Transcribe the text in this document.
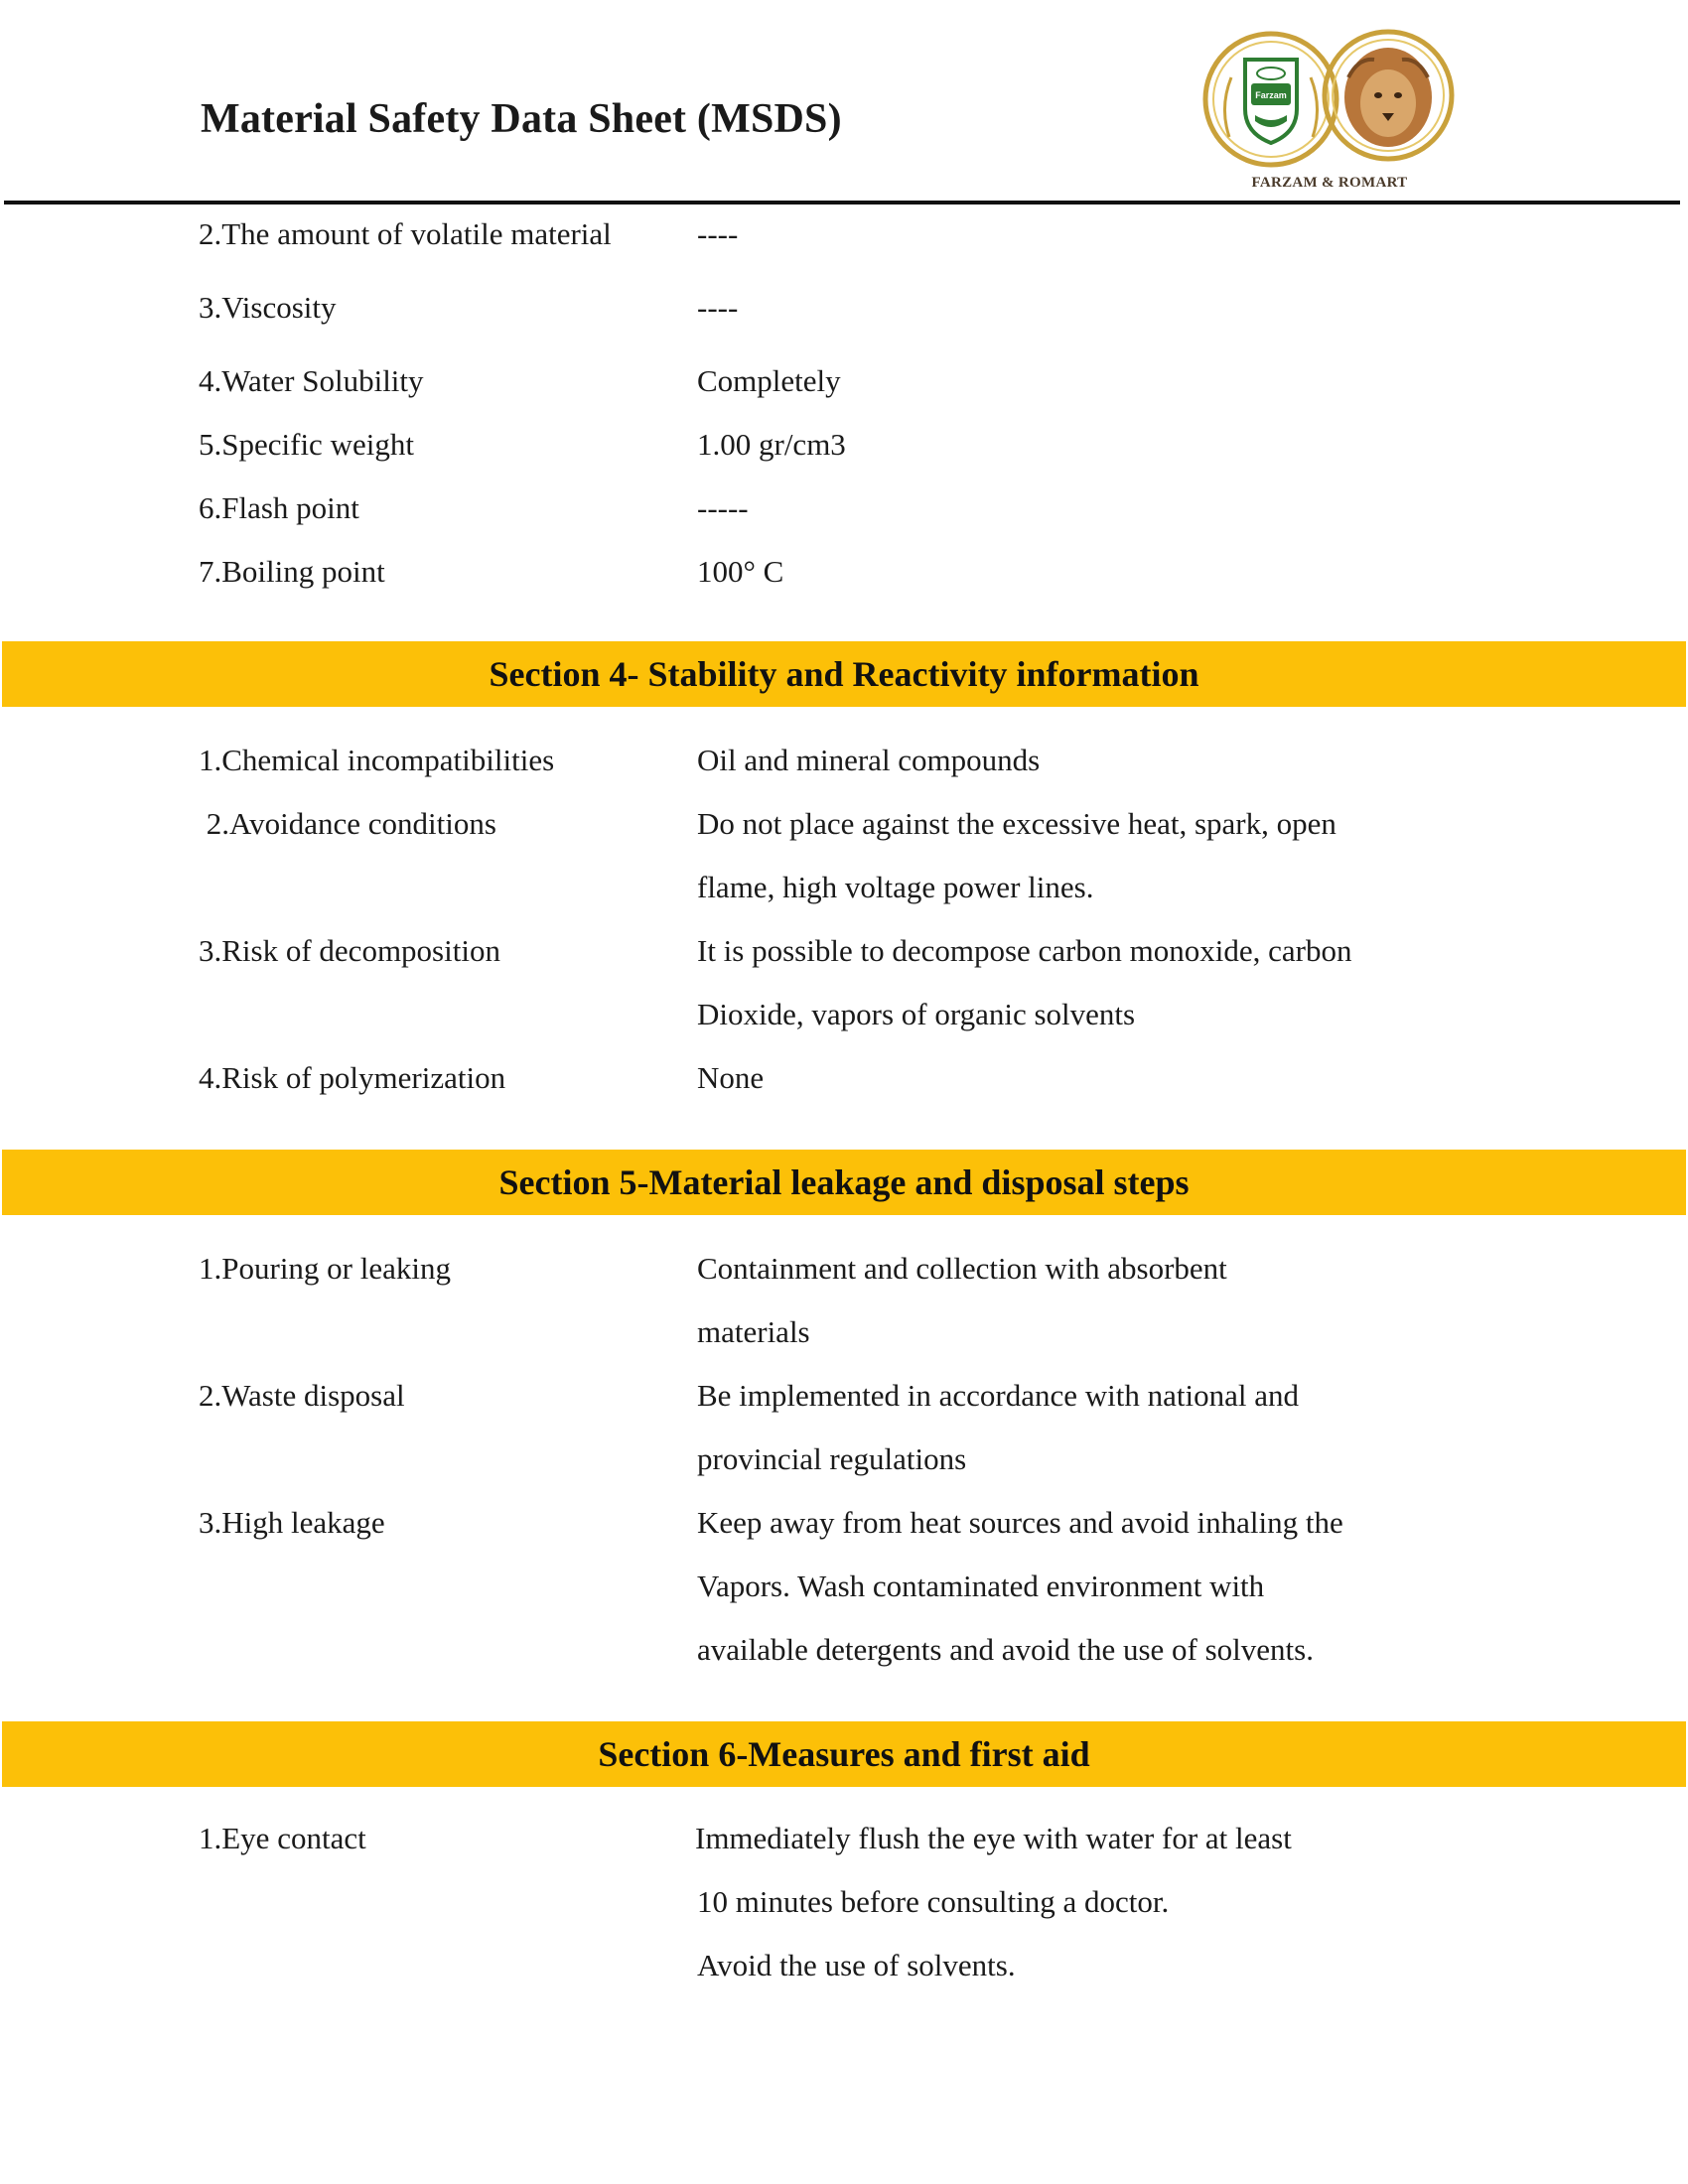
Material Safety Data Sheet (MSDS)
Farzam
FARZAM & ROMART
2.The amount of volatile material	----
3.Viscosity	----
4.Water Solubility	Completely
5.Specific weight	1.00 gr/cm3
6.Flash point	-----
7.Boiling point	100° C
Section 4- Stability and Reactivity information
1.Chemical incompatibilities	Oil and mineral compounds
2.Avoidance conditions	Do not place against the excessive heat, spark, open
flame, high voltage power lines.
3.Risk of decomposition	It is possible to decompose carbon monoxide, carbon
Dioxide, vapors of organic solvents
4.Risk of polymerization	None
Section 5-Material leakage and disposal steps
1.Pouring or leaking	Containment and collection with absorbent
materials
2.Waste disposal	Be implemented in accordance with national and
provincial regulations
3.High leakage	Keep away from heat sources and avoid inhaling the
Vapors. Wash contaminated environment with
available detergents and avoid the use of solvents.
Section 6-Measures and first aid
1.Eye contact	Immediately flush the eye with water for at least
10 minutes before consulting a doctor.
Avoid the use of solvents.
